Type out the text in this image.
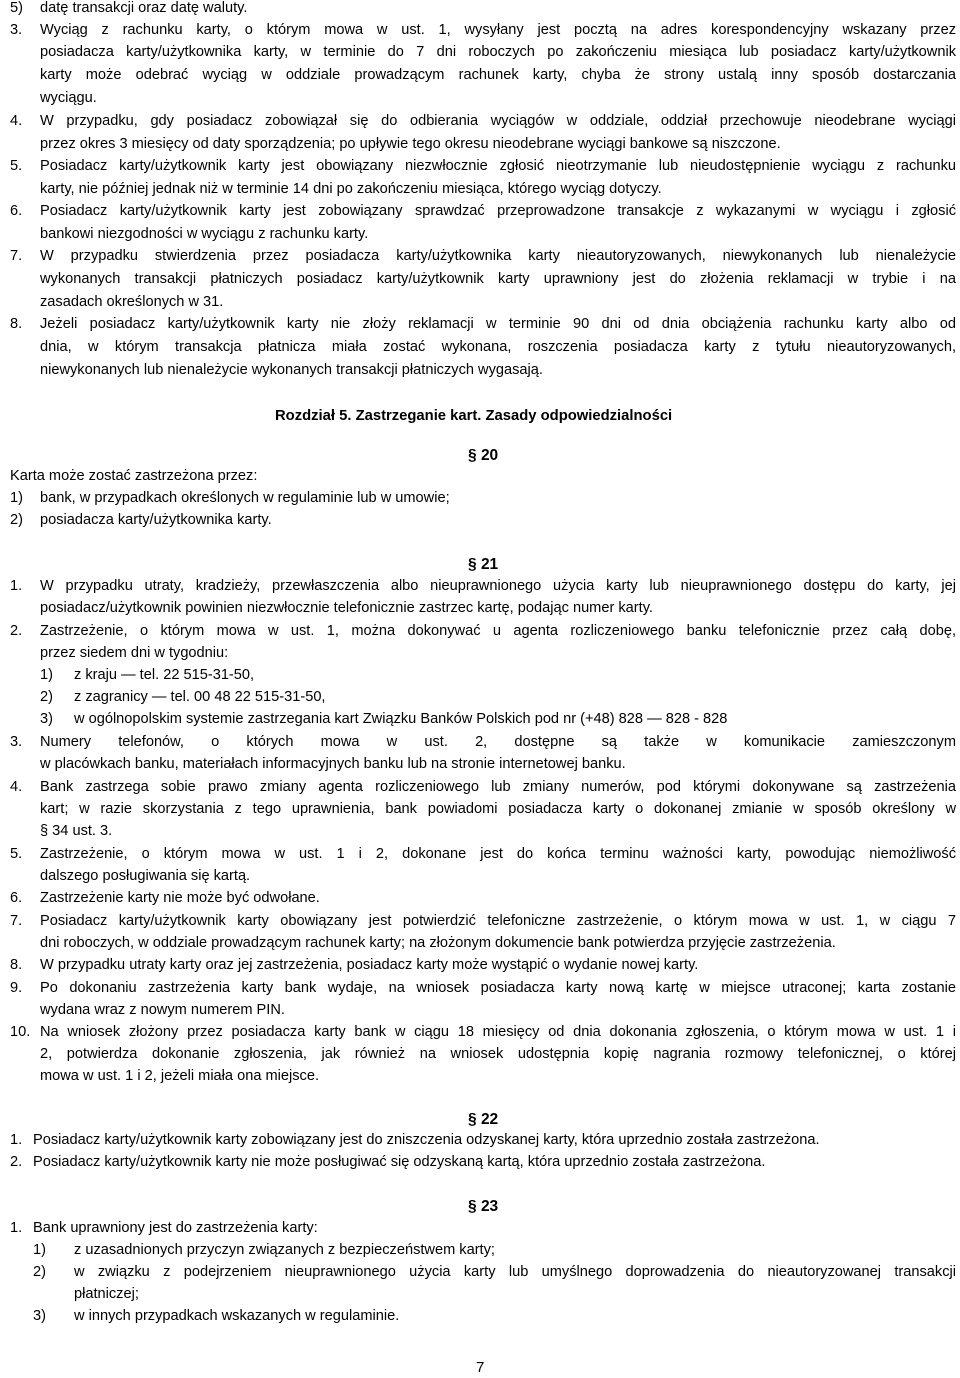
5) datę transakcji oraz datę waluty.
3. Wyciąg z rachunku karty, o którym mowa w ust. 1, wysyłany jest pocztą na adres korespondencyjny wskazany przez
posiadacza karty/użytkownika karty, w terminie do 7 dni roboczych po zakończeniu miesiąca lub posiadacz karty/użytkownik
karty może odebrać wyciąg w oddziale prowadzącym rachunek karty, chyba że strony ustalą inny sposób dostarczania
wyciągu.
4. W przypadku, gdy posiadacz zobowiązał się do odbierania wyciągów w oddziale, oddział przechowuje nieodebrane wyciągi
przez okres 3 miesięcy od daty sporządzenia; po upływie tego okresu nieodebrane wyciągi bankowe są niszczone.
5. Posiadacz karty/użytkownik karty jest obowiązany niezwłocznie zgłosić nieotrzymanie lub nieudostępnienie wyciągu z rachunku
karty, nie później jednak niż w terminie 14 dni po zakończeniu miesiąca, którego wyciąg dotyczy.
6. Posiadacz karty/użytkownik karty jest zobowiązany sprawdzać przeprowadzone transakcje z wykazanymi w wyciągu i zgłosić
bankowi niezgodności w wyciągu z rachunku karty.
7. W przypadku stwierdzenia przez posiadacza karty/użytkownika karty nieautoryzowanych, niewykonanych lub nienależycie
wykonanych transakcji płatniczych posiadacz karty/użytkownik karty uprawniony jest do złożenia reklamacji w trybie i na
zasadach określonych w 31.
8. Jeżeli posiadacz karty/użytkownik karty nie złoży reklamacji w terminie 90 dni od dnia obciążenia rachunku karty albo od
dnia, w którym transakcja płatnicza miała zostać wykonana, roszczenia posiadacza karty z tytułu nieautoryzowanych,
niewykonanych lub nienależycie wykonanych transakcji płatniczych wygasają.
Rozdział 5. Zastrzeganie kart. Zasady odpowiedzialności
§ 20
Karta może zostać zastrzeżona przez:
1) bank, w przypadkach określonych w regulaminie lub w umowie;
2) posiadacza karty/użytkownika karty.
§ 21
1. W przypadku utraty, kradzieży, przewłaszczenia albo nieuprawnionego użycia karty lub nieuprawnionego dostępu do karty, jej
posiadacz/użytkownik powinien niezwłocznie telefonicznie zastrzec kartę, podając numer karty.
2. Zastrzeżenie, o którym mowa w ust. 1, można dokonywać u agenta rozliczeniowego banku telefonicznie przez całą dobę,
przez siedem dni w tygodniu:
1) z kraju — tel. 22 515-31-50,
2) z zagranicy — tel. 00 48 22 515-31-50,
3) w ogólnopolskim systemie zastrzegania kart Związku Banków Polskich pod nr (+48) 828 — 828 - 828
3. Numery telefonów, o których mowa w ust. 2, dostępne są także w komunikacie zamieszczonym
w placówkach banku, materiałach informacyjnych banku lub na stronie internetowej banku.
4. Bank zastrzega sobie prawo zmiany agenta rozliczeniowego lub zmiany numerów, pod którymi dokonywane są zastrzeżenia
kart; w razie skorzystania z tego uprawnienia, bank powiadomi posiadacza karty o dokonanej zmianie w sposób określony w
§ 34 ust. 3.
5. Zastrzeżenie, o którym mowa w ust. 1 i 2, dokonane jest do końca terminu ważności karty, powodując niemożliwość
dalszego posługiwania się kartą.
6. Zastrzeżenie karty nie może być odwołane.
7. Posiadacz karty/użytkownik karty obowiązany jest potwierdzić telefoniczne zastrzeżenie, o którym mowa w ust. 1, w ciągu 7
dni roboczych, w oddziale prowadzącym rachunek karty; na złożonym dokumencie bank potwierdza przyjęcie zastrzeżenia.
8. W przypadku utraty karty oraz jej zastrzeżenia, posiadacz karty może wystąpić o wydanie nowej karty.
9. Po dokonaniu zastrzeżenia karty bank wydaje, na wniosek posiadacza karty nową kartę w miejsce utraconej; karta zostanie
wydana wraz z nowym numerem PIN.
10. Na wniosek złożony przez posiadacza karty bank w ciągu 18 miesięcy od dnia dokonania zgłoszenia, o którym mowa w ust. 1 i
2, potwierdza dokonanie zgłoszenia, jak również na wniosek udostępnia kopię nagrania rozmowy telefonicznej, o której
mowa w ust. 1 i 2, jeżeli miała ona miejsce.
§ 22
1. Posiadacz karty/użytkownik karty zobowiązany jest do zniszczenia odzyskanej karty, która uprzednio została zastrzeżona.
2. Posiadacz karty/użytkownik karty nie może posługiwać się odzyskaną kartą, która uprzednio została zastrzeżona.
§ 23
1. Bank uprawniony jest do zastrzeżenia karty:
1) z uzasadnionych przyczyn związanych z bezpieczeństwem karty;
2) w związku z podejrzeniem nieuprawnionego użycia karty lub umyślnego doprowadzenia do nieautoryzowanej transakcji
płatniczej;
3) w innych przypadkach wskazanych w regulaminie.
7
